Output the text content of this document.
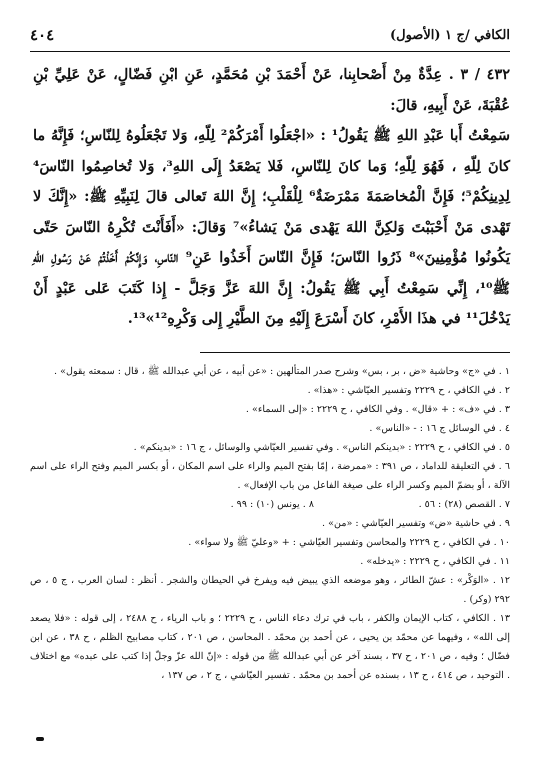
الكافي /ج ١ (الأصول)
٤٠٤

٤٣٢ / ٣ . عِدَّةٌ مِنْ أَصْحابِنا، عَنْ أَحْمَدَ بْنِ مُحَمَّدٍ، عَنِ ابْنِ فَضّالٍ، عَنْ عَلِيِّ بْنِ عُقْبَةَ، عَنْ أَبِيهِ، قالَ:

سَمِعْتُ أَبا عَبْدِ اللهِ ﷺ يَقُولُ¹ : «اجْعَلُوا أَمْرَكُمْ² لِلّهِ، وَلا تَجْعَلُوهُ لِلنّاسِ؛ فَإِنَّهُ ما كانَ لِلّهِ ، فَهُوَ لِلّهِ؛ وَما كانَ لِلنّاسِ، فَلا يَصْعَدُ إِلَى اللهِ³، وَلا تُخاصِمُوا النّاسَ⁴ لِدِينِكُمْ⁵؛ فَإِنَّ الْمُخاصَمَةَ مَمْرَضَةٌ⁶ لِلْقَلْبِ؛ إِنَّ اللهَ تَعالى قالَ لِنَبِيِّهِ ﷺ: «إِنَّكَ لا تَهْدى مَنْ أَحْبَبْتَ وَلكِنَّ اللهَ يَهْدى مَنْ يَشاءُ»⁷ وَقالَ: «أَفَأَنْتَ تُكْرِهُ النّاسَ حَتّى يَكُونُوا مُؤْمِنِينَ»⁸ ذَرُوا النّاسَ؛ فَإِنَّ النّاسَ أَخَذُوا عَنِ⁹ النّاسِ، وَإِنَّكُمْ أَخَذْتُمْ عَنْ رَسُولِ اللهِ ﷺ¹⁰، إِنِّي سَمِعْتُ أَبِي ﷺ يَقُولُ: إِنَّ اللهَ عَزَّ وَجَلَّ - إِذا كَتَبَ عَلى عَبْدٍ أَنْ يَدْخُلَ¹¹ في هذَا الأَمْرِ، كانَ أَسْرَعَ إِلَيْهِ مِنَ الطَّيْرِ إِلى وَكْرِهِ¹²»¹³.

١ . في «ج» وحاشية «ض ، بر ، بس» وشرح صدر المتألهين : «عن أبيه ، عن أبي عبدالله ﷺ ، قال : سمعته يقول» .

٢ . في الكافي ، ح ٢٢٢٩ وتفسير العيّاشي : «هذا» .

٣ . في «ف» : + «قال» . وفي الكافي ، ح ٢٢٢٩ : «إلى السماء» .

٤ . في الوسائل ج ١٦ : - «الناس» .

٥ . في الكافي ، ح ٢٢٢٩ : «بدينكم الناس» . وفي تفسير العيّاشي والوسائل ، ج ١٦ : «بدينكم» .

٦ . في التعليقة للداماد ، ص ٣٩١ : «ممرضة ، إمّا بفتح الميم والراء على اسم المكان ، أو بكسر الميم وفتح الراء على اسم الآلة ، أو بضمّ الميم وكسر الراء على صيغة الفاعل من باب الإفعال» .

٧ . القصص (٢٨) : ٥٦ .
٨ . يونس (١٠) : ٩٩ .

٩ . في حاشية «ض» وتفسير العيّاشي : «من» .

١٠ . في الكافي ، ح ٢٢٢٩ والمحاسن وتفسير العيّاشي : + «وعليّ ﷺ ولا سواء» .

١١ . في الكافي ، ح ٢٢٢٩ : «يدخله» .

١٢ . «الوَكْر» : عشّ الطائر ، وهو موضعه الذي يبيض فيه ويفرخ في الحيطان والشجر . أنظر : لسان العرب ، ج ٥ ، ص ٢٩٢ (وكر) .

١٣ . الكافي ، كتاب الإيمان والكفر ، باب في ترك دعاء الناس ، ح ٢٢٢٩ ؛ و باب الرياء ، ح ٢٤٨٨ ، إلى قوله : «فلا يصعد إلى الله» ، وفيهما عن محمّد بن يحيى ، عن أحمد بن محمّد . المحاسن ، ص ٢٠١ ، كتاب مصابيح الظلم ، ح ٣٨ ، عن ابن فضّال ؛ وفيه ، ص ٢٠١ ، ح ٣٧ ، بسند آخر عن أبي عبدالله ﷺ من قوله : «إنّ الله عزّ وجلّ إذا كتب على عبده» مع اختلاف . التوحيد ، ص ٤١٤ ، ح ١٣ ، بسنده عن أحمد بن محمّد . تفسير العيّاشي ، ج ٢ ، ص ١٣٧ ،
